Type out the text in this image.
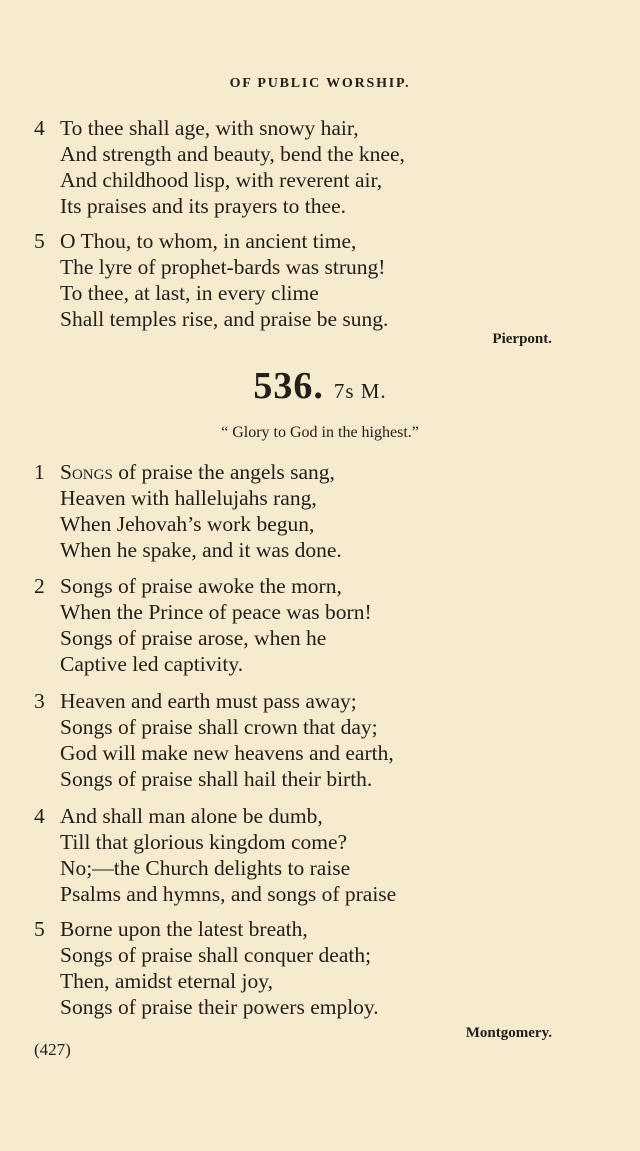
OF PUBLIC WORSHIP.
4 To thee shall age, with snowy hair,
And strength and beauty, bend the knee,
And childhood lisp, with reverent air,
Its praises and its prayers to thee.
5 O Thou, to whom, in ancient time,
The lyre of prophet-bards was strung!
To thee, at last, in every clime
Shall temples rise, and praise be sung.
Pierpont.
536. 7s M.
“ Glory to God in the highest.”
1 Songs of praise the angels sang,
Heaven with hallelujahs rang,
When Jehovah’s work begun,
When he spake, and it was done.
2 Songs of praise awoke the morn,
When the Prince of peace was born!
Songs of praise arose, when he
Captive led captivity.
3 Heaven and earth must pass away;
Songs of praise shall crown that day;
God will make new heavens and earth,
Songs of praise shall hail their birth.
4 And shall man alone be dumb,
Till that glorious kingdom come?
No;—the Church delights to raise
Psalms and hymns, and songs of praise
5 Borne upon the latest breath,
Songs of praise shall conquer death;
Then, amidst eternal joy,
Songs of praise their powers employ.
Montgomery.
(427)
